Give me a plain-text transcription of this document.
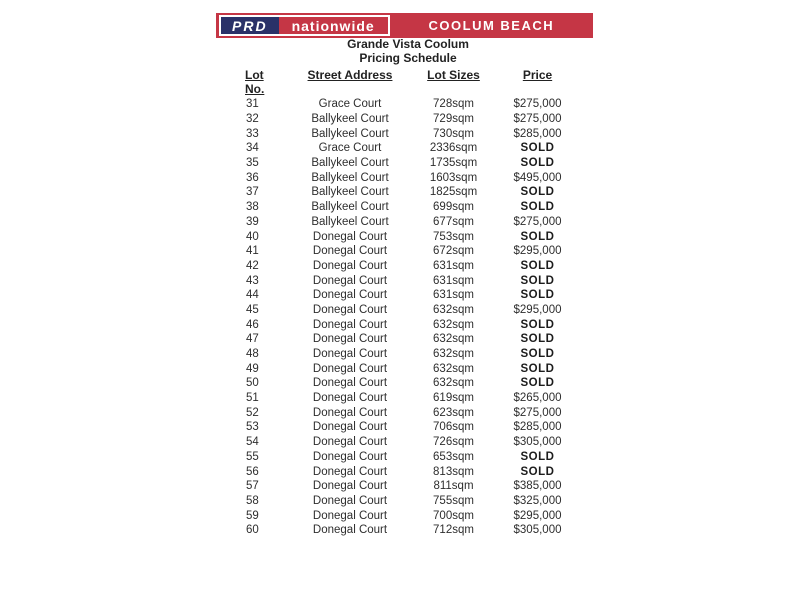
PRD	nationwide	COOLUM BEACH
Grande Vista Coolum
Pricing Schedule
Lot
No.
Street Address	Lot Sizes	Price
31	Grace Court	728sqm	$275,000
32	Ballykeel Court	729sqm	$275,000
33	Ballykeel Court	730sqm	$285,000
34	Grace Court	2336sqm	SOLD
35	Ballykeel Court	1735sqm	SOLD
36	Ballykeel Court	1603sqm	$495,000
37	Ballykeel Court	1825sqm	SOLD
38	Ballykeel Court	699sqm	SOLD
39	Ballykeel Court	677sqm	$275,000
40	Donegal Court	753sqm	SOLD
41	Donegal Court	672sqm	$295,000
42	Donegal Court	631sqm	SOLD
43	Donegal Court	631sqm	SOLD
44	Donegal Court	631sqm	SOLD
45	Donegal Court	632sqm	$295,000
46	Donegal Court	632sqm	SOLD
47	Donegal Court	632sqm	SOLD
48	Donegal Court	632sqm	SOLD
49	Donegal Court	632sqm	SOLD
50	Donegal Court	632sqm	SOLD
51	Donegal Court	619sqm	$265,000
52	Donegal Court	623sqm	$275,000
53	Donegal Court	706sqm	$285,000
54	Donegal Court	726sqm	$305,000
55	Donegal Court	653sqm	SOLD
56	Donegal Court	813sqm	SOLD
57	Donegal Court	811sqm	$385,000
58	Donegal Court	755sqm	$325,000
59	Donegal Court	700sqm	$295,000
60	Donegal Court	712sqm	$305,000
